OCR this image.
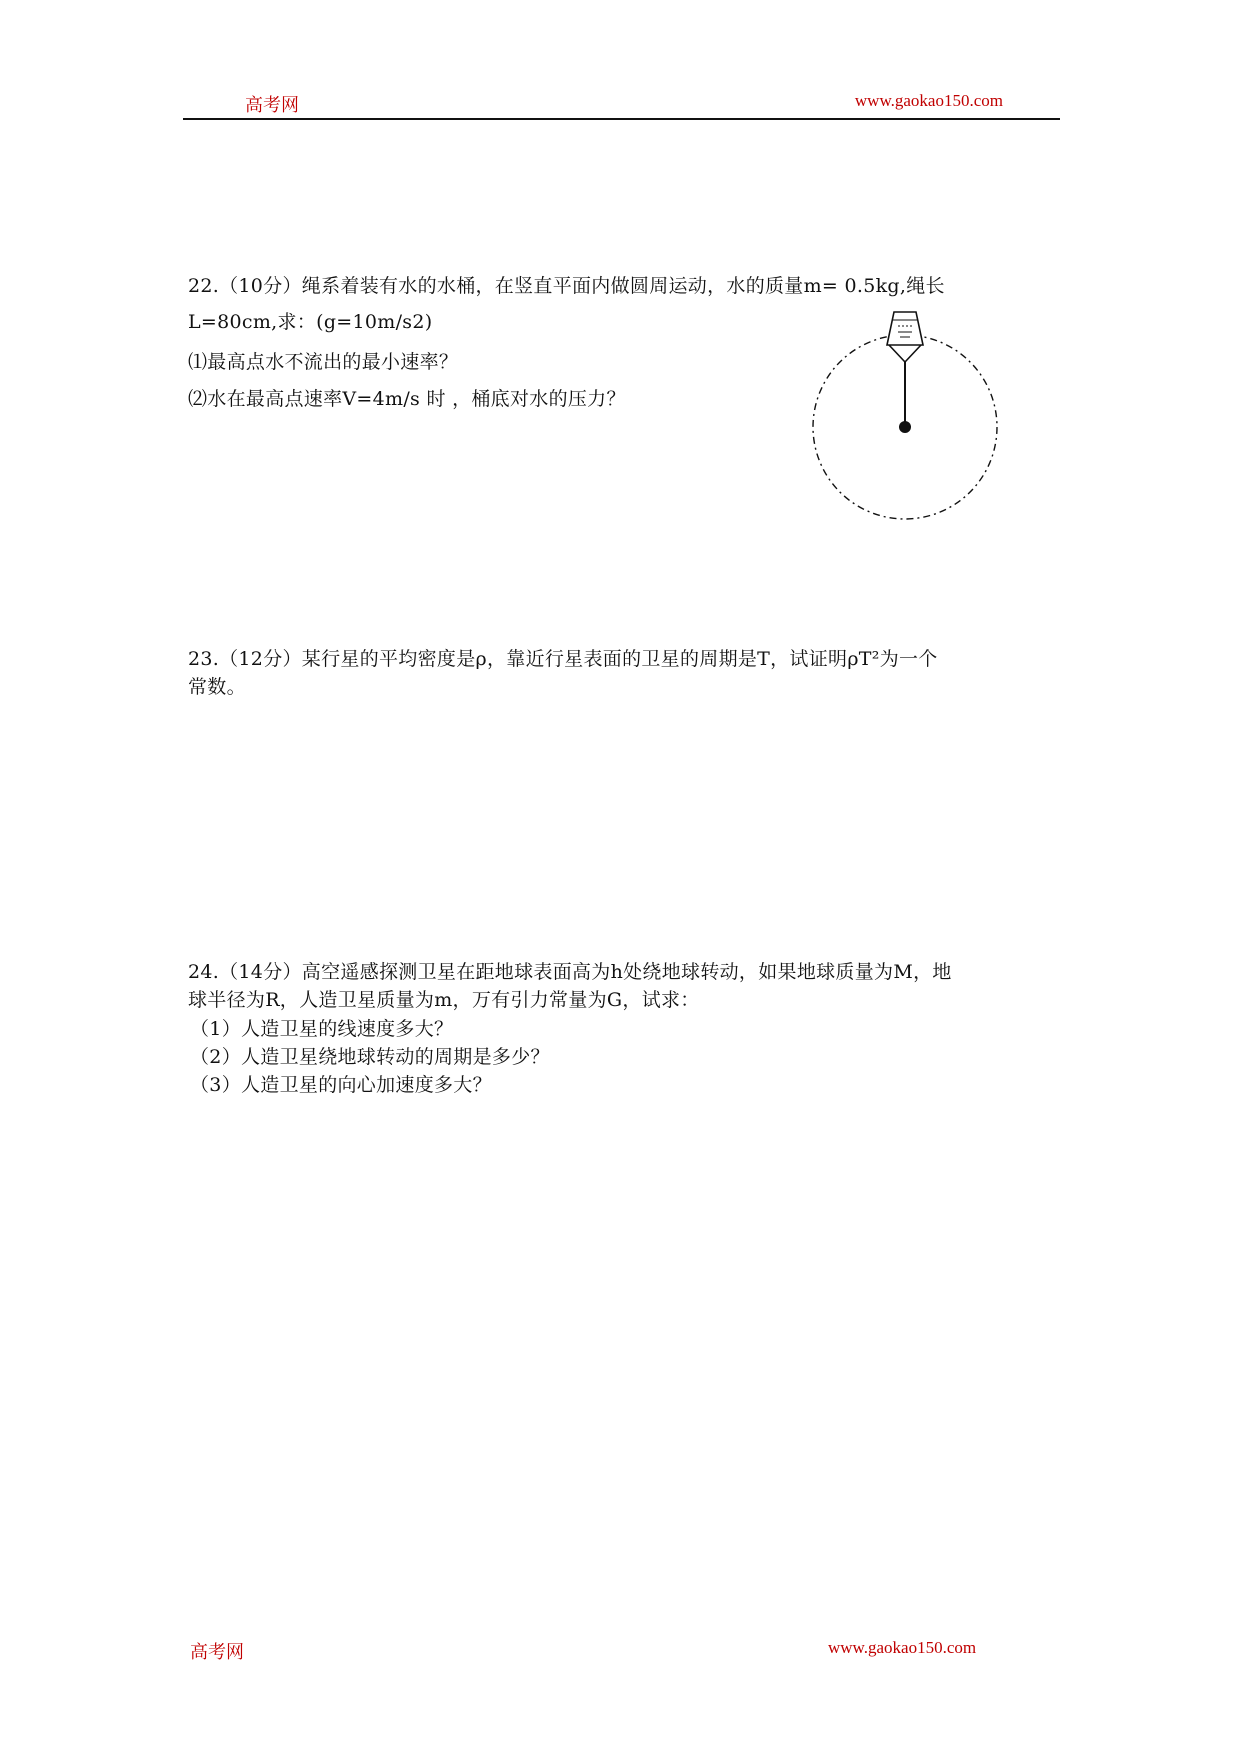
高考网	www.gaokao150.com
22.（10分）绳系着装有水的水桶，在竖直平面内做圆周运动，水的质量m= 0.5kg,绳长
L=80cm,求：(g=10m/s2)
⑴最高点水不流出的最小速率？
⑵水在最高点速率V=4m/s 时 ，桶底对水的压力？
23.（12分）某行星的平均密度是ρ，靠近行星表面的卫星的周期是T，试证明ρT²为一个
常数。
24.（14分）高空遥感探测卫星在距地球表面高为h处绕地球转动，如果地球质量为M，地
球半径为R，人造卫星质量为m，万有引力常量为G，试求：
（1）人造卫星的线速度多大？
（2）人造卫星绕地球转动的周期是多少？
（3）人造卫星的向心加速度多大？
高考网	www.gaokao150.com
